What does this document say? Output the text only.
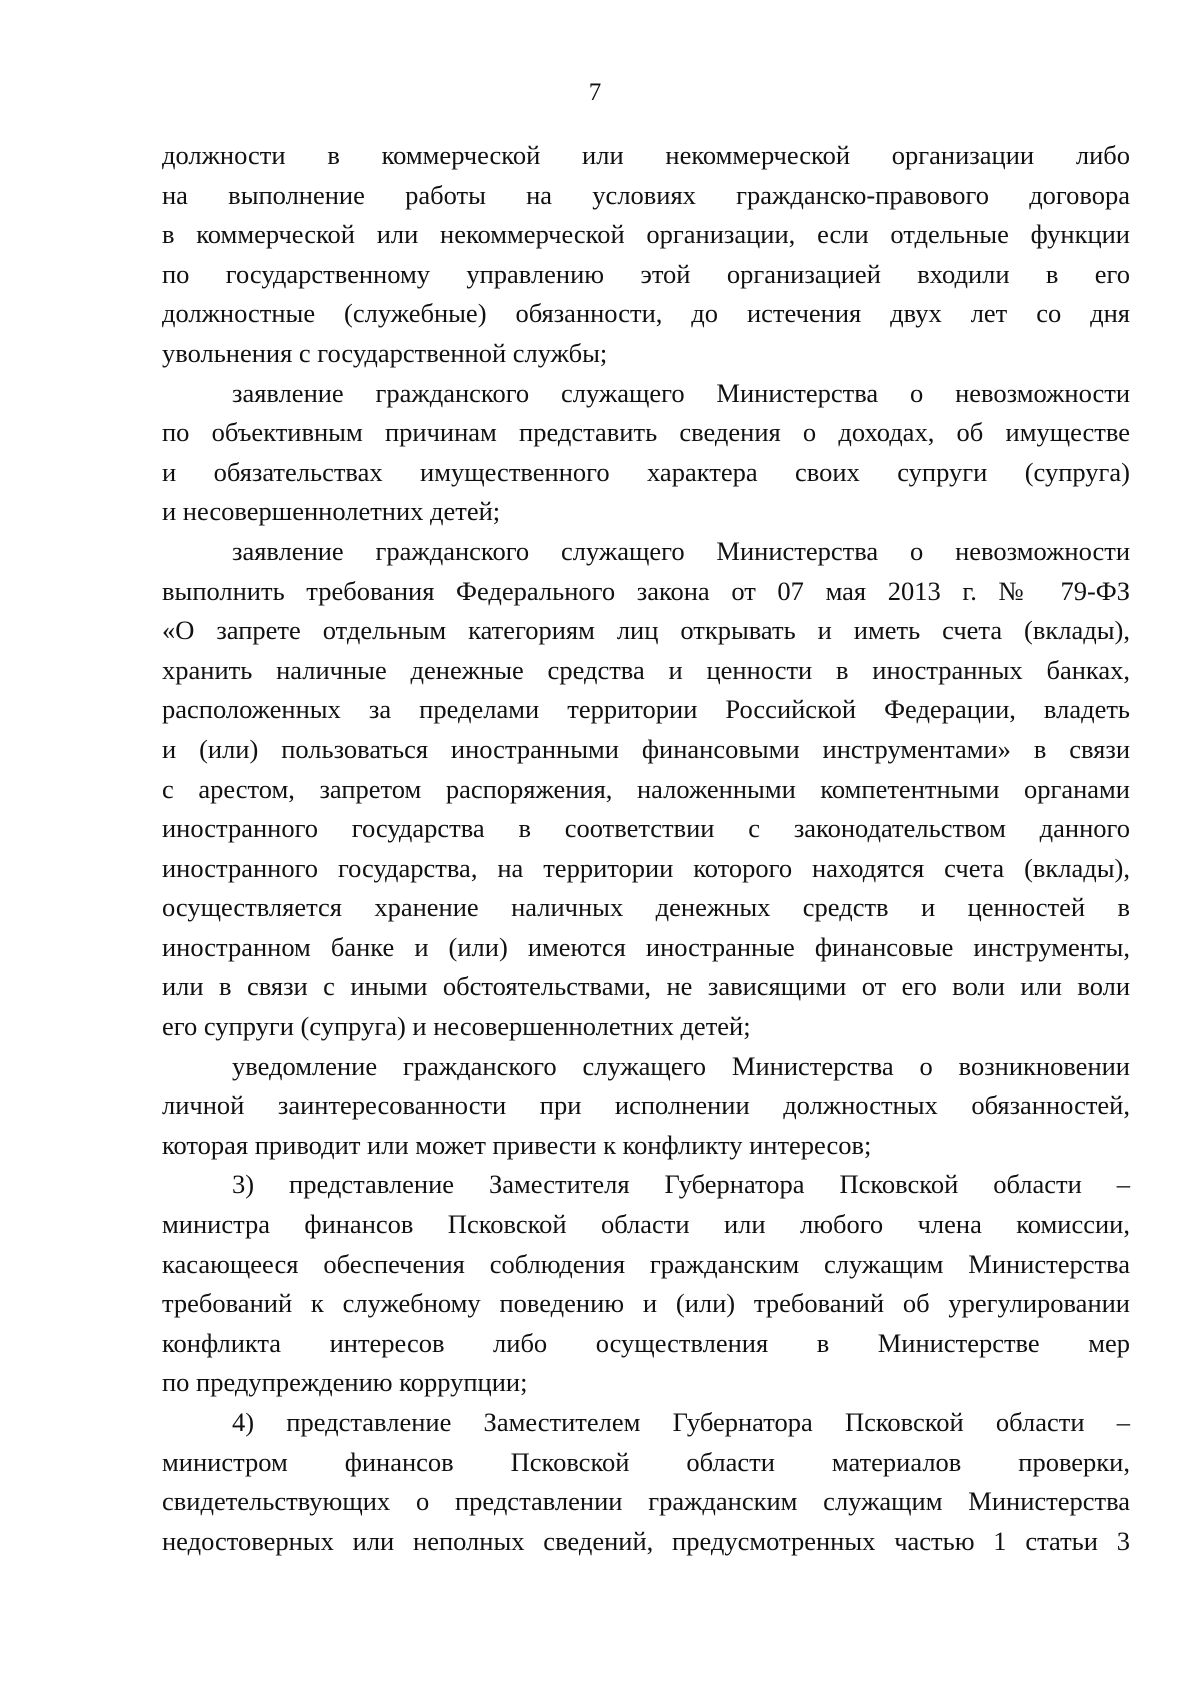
7
должности в коммерческой или некоммерческой организации либо
на выполнение работы на условиях гражданско-правового договора
в коммерческой или некоммерческой организации, если отдельные функции
по государственному управлению этой организацией входили в его
должностные (служебные) обязанности, до истечения двух лет со дня
увольнения с государственной службы;
заявление гражданского служащего Министерства о невозможности
по объективным причинам представить сведения о доходах, об имуществе
и обязательствах имущественного характера своих супруги (супруга)
и несовершеннолетних детей;
заявление гражданского служащего Министерства о невозможности
выполнить требования Федерального закона от 07 мая 2013 г. № 79-ФЗ
«О запрете отдельным категориям лиц открывать и иметь счета (вклады),
хранить наличные денежные средства и ценности в иностранных банках,
расположенных за пределами территории Российской Федерации, владеть
и (или) пользоваться иностранными финансовыми инструментами» в связи
с арестом, запретом распоряжения, наложенными компетентными органами
иностранного государства в соответствии с законодательством данного
иностранного государства, на территории которого находятся счета (вклады),
осуществляется хранение наличных денежных средств и ценностей в
иностранном банке и (или) имеются иностранные финансовые инструменты,
или в связи с иными обстоятельствами, не зависящими от его воли или воли
его супруги (супруга) и несовершеннолетних детей;
уведомление гражданского служащего Министерства о возникновении
личной заинтересованности при исполнении должностных обязанностей,
которая приводит или может привести к конфликту интересов;
3) представление Заместителя Губернатора Псковской области –
министра финансов Псковской области или любого члена комиссии,
касающееся обеспечения соблюдения гражданским служащим Министерства
требований к служебному поведению и (или) требований об урегулировании
конфликта интересов либо осуществления в Министерстве мер
по предупреждению коррупции;
4) представление Заместителем Губернатора Псковской области –
министром финансов Псковской области материалов проверки,
свидетельствующих о представлении гражданским служащим Министерства
недостоверных или неполных сведений, предусмотренных частью 1 статьи 3
